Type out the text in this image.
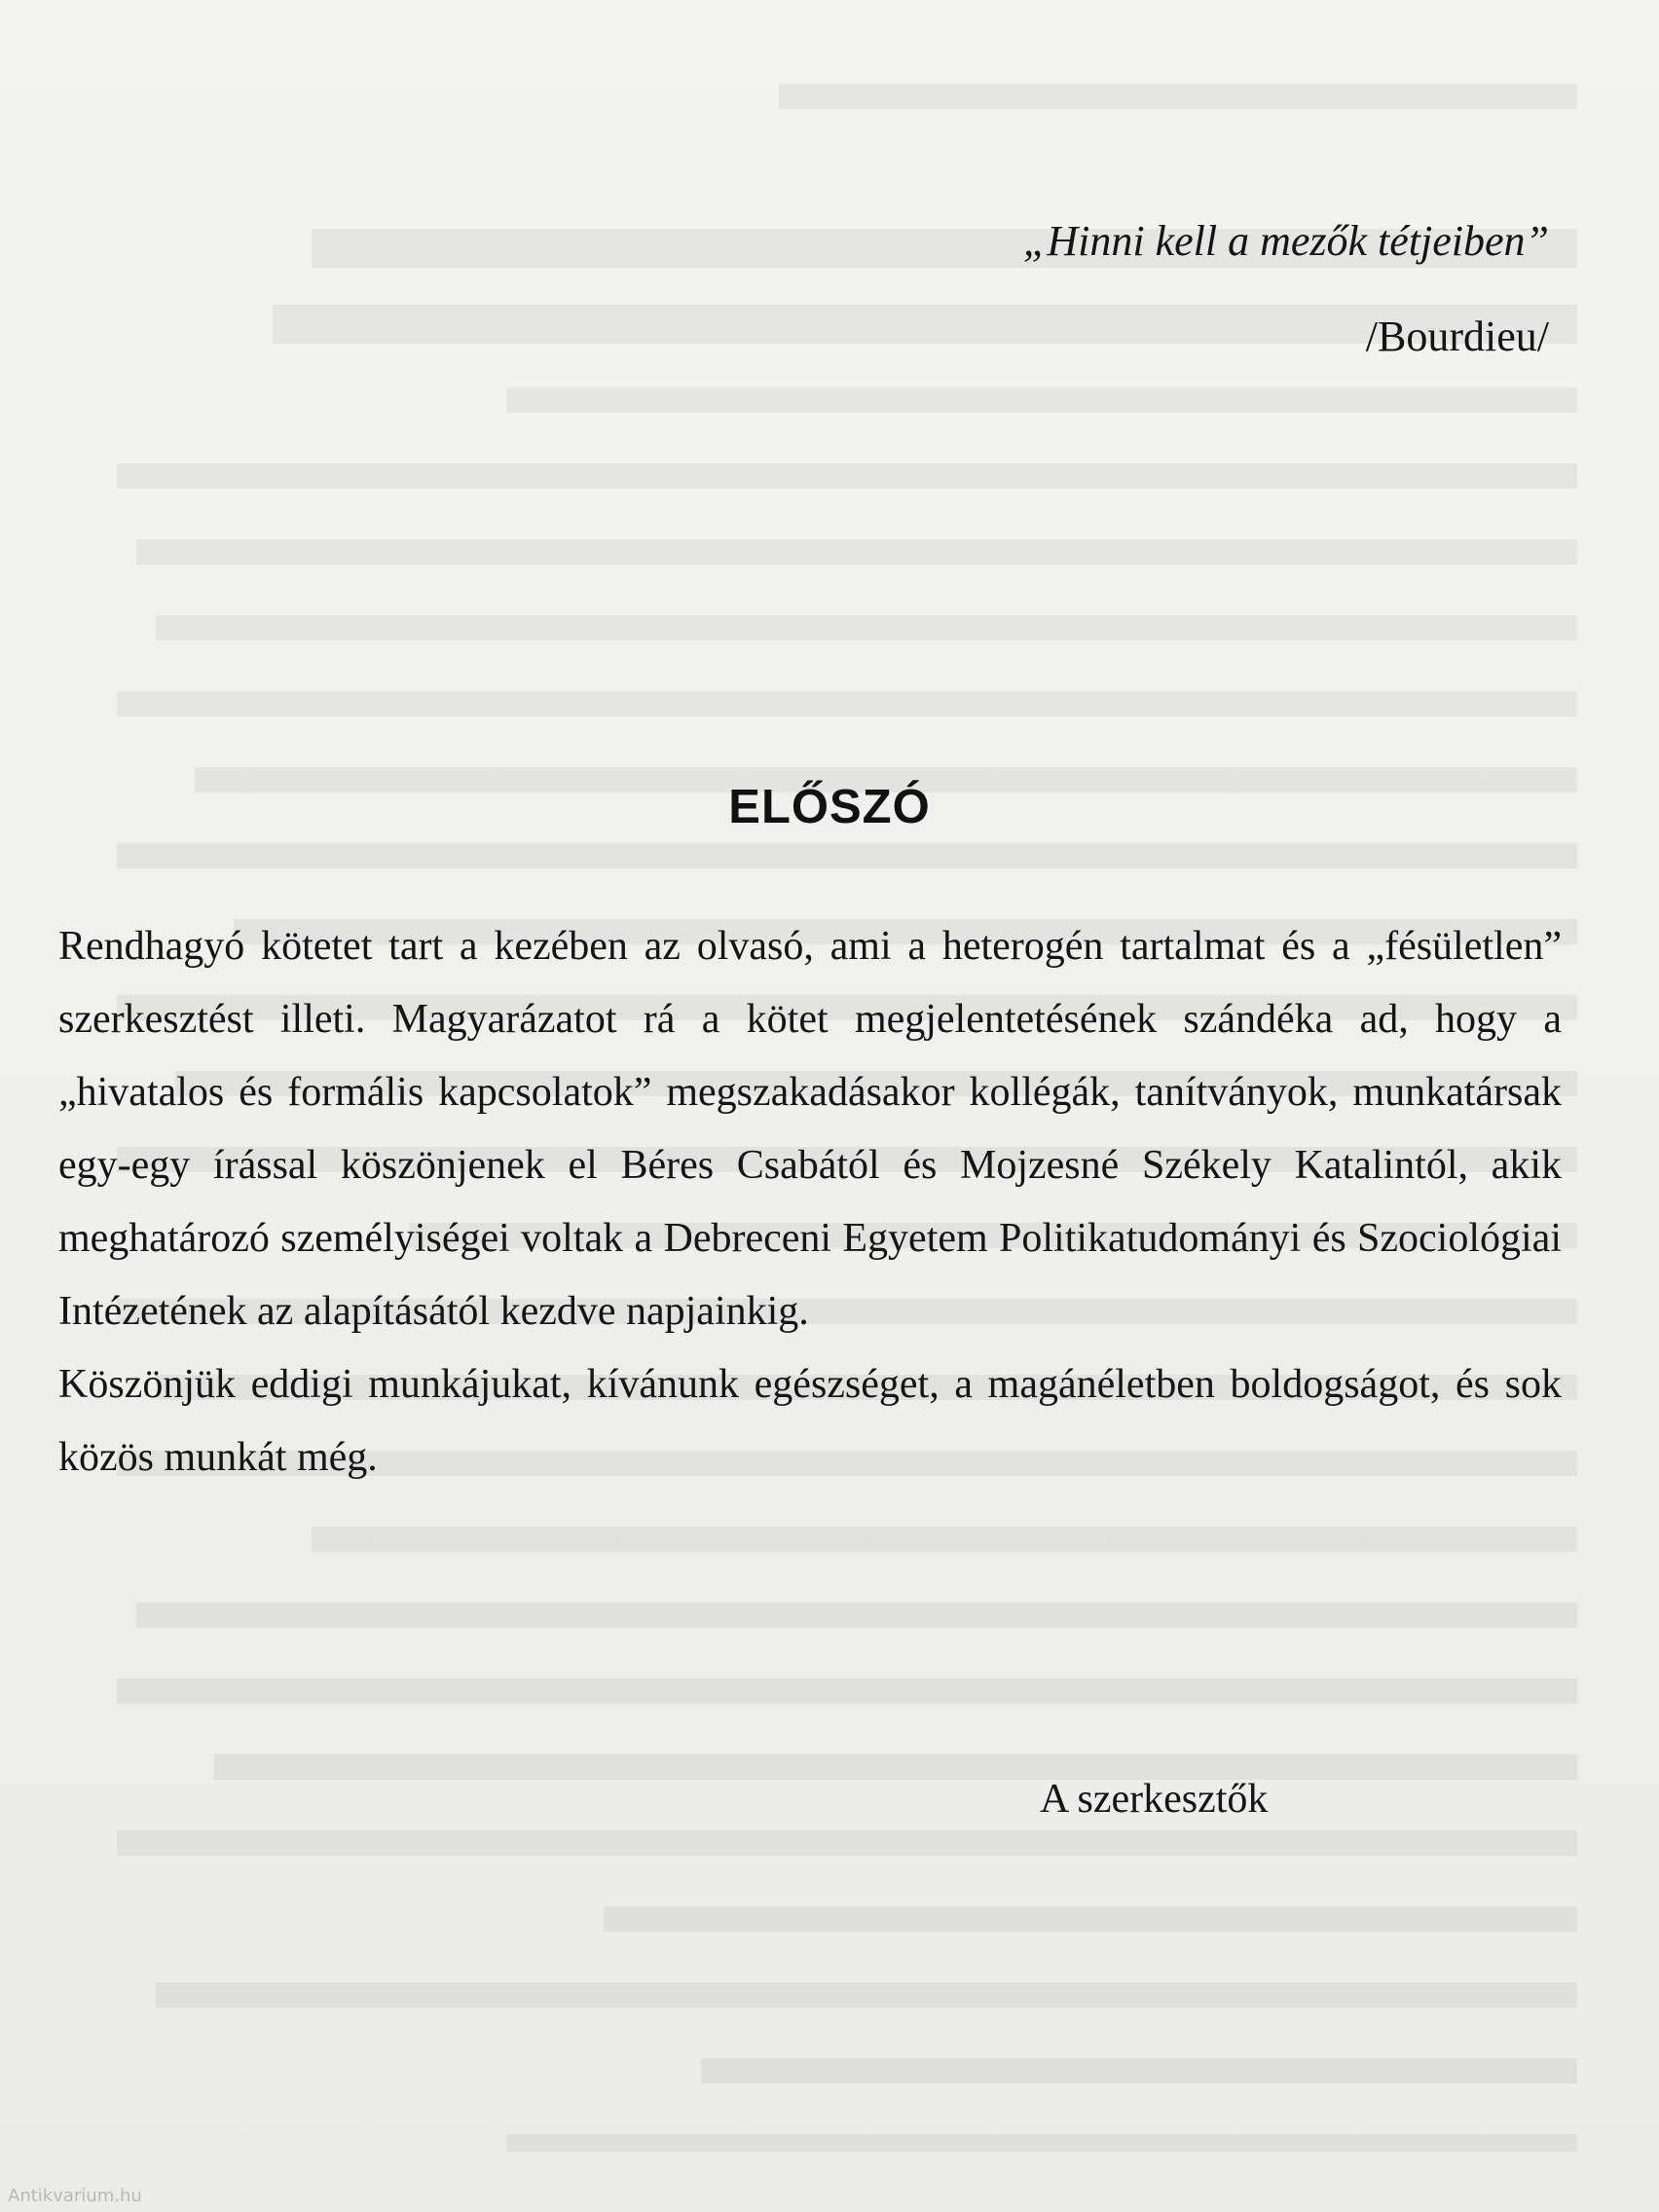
„Hinni kell a mezők tétjeiben”
/Bourdieu/
ELŐSZÓ

Rendhagyó kötetet tart a kezében az olvasó, ami a heterogén tartalmat és a „fésületlen” szerkesztést illeti. Magyarázatot rá a kötet megjelentetésének szándéka ad, hogy a „hivatalos és formális kapcsolatok” megszakadásakor kollégák, tanítványok, munkatársak egy-egy írással köszönjenek el Béres Csabától és Mojzesné Székely Katalintól, akik meghatározó személyiségei voltak a Debreceni Egyetem Politikatudományi és Szociológiai Intézetének az alapításától kezdve napjainkig.

Köszönjük eddigi munkájukat, kívánunk egészséget, a magánéletben boldogságot, és sok közös munkát még.

A szerkesztők
Antikvarium.hu
